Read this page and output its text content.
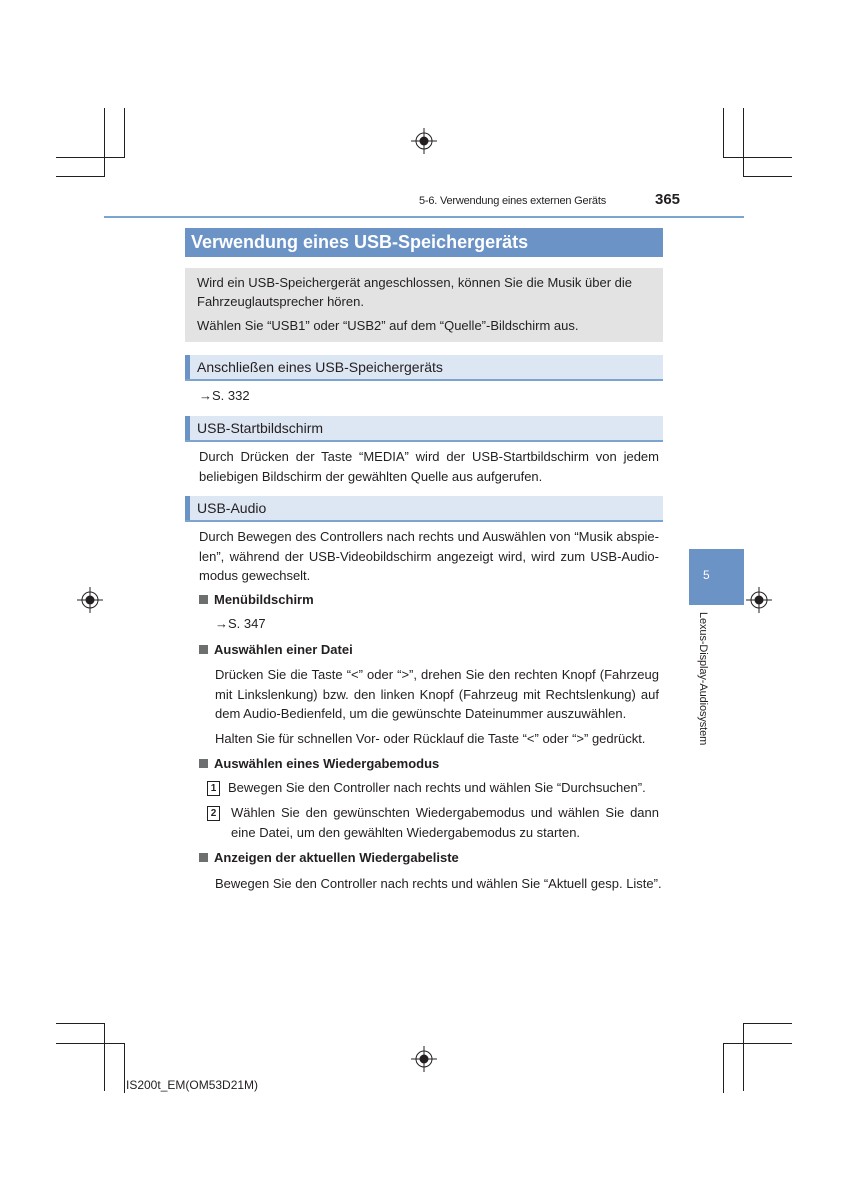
5-6. Verwendung eines externen Geräts	365
Verwendung eines USB-Speichergeräts

Wird ein USB-Speichergerät angeschlossen, können Sie die Musik über die Fahrzeuglautsprecher hören.

Wählen Sie “USB1” oder “USB2” auf dem “Quelle”-Bildschirm aus.

Anschließen eines USB-Speichergeräts
→S. 332
USB-Startbildschirm
Durch Drücken der Taste “MEDIA” wird der USB-Startbildschirm von jedem beliebigen Bildschirm der gewählten Quelle aus aufgerufen.
USB-Audio
Durch Bewegen des Controllers nach rechts und Auswählen von “Musik abspie-len”, während der USB-Videobildschirm angezeigt wird, wird zum USB-Audio-modus gewechselt.
Menübildschirm
→S. 347
Auswählen einer Datei
Drücken Sie die Taste “<” oder “>”, drehen Sie den rechten Knopf (Fahrzeug mit Linkslenkung) bzw. den linken Knopf (Fahrzeug mit Rechtslenkung) auf dem Audio-Bedienfeld, um die gewünschte Dateinummer auszuwählen.
Halten Sie für schnellen Vor- oder Rücklauf die Taste “<” oder “>” gedrückt.
Auswählen eines Wiedergabemodus
1 Bewegen Sie den Controller nach rechts und wählen Sie “Durchsuchen”.
2 Wählen Sie den gewünschten Wiedergabemodus und wählen Sie dann eine Datei, um den gewählten Wiedergabemodus zu starten.
Anzeigen der aktuellen Wiedergabeliste
Bewegen Sie den Controller nach rechts und wählen Sie “Aktuell gesp. Liste”.
5
Lexus-Display-Audiosystem
IS200t_EM(OM53D21M)
